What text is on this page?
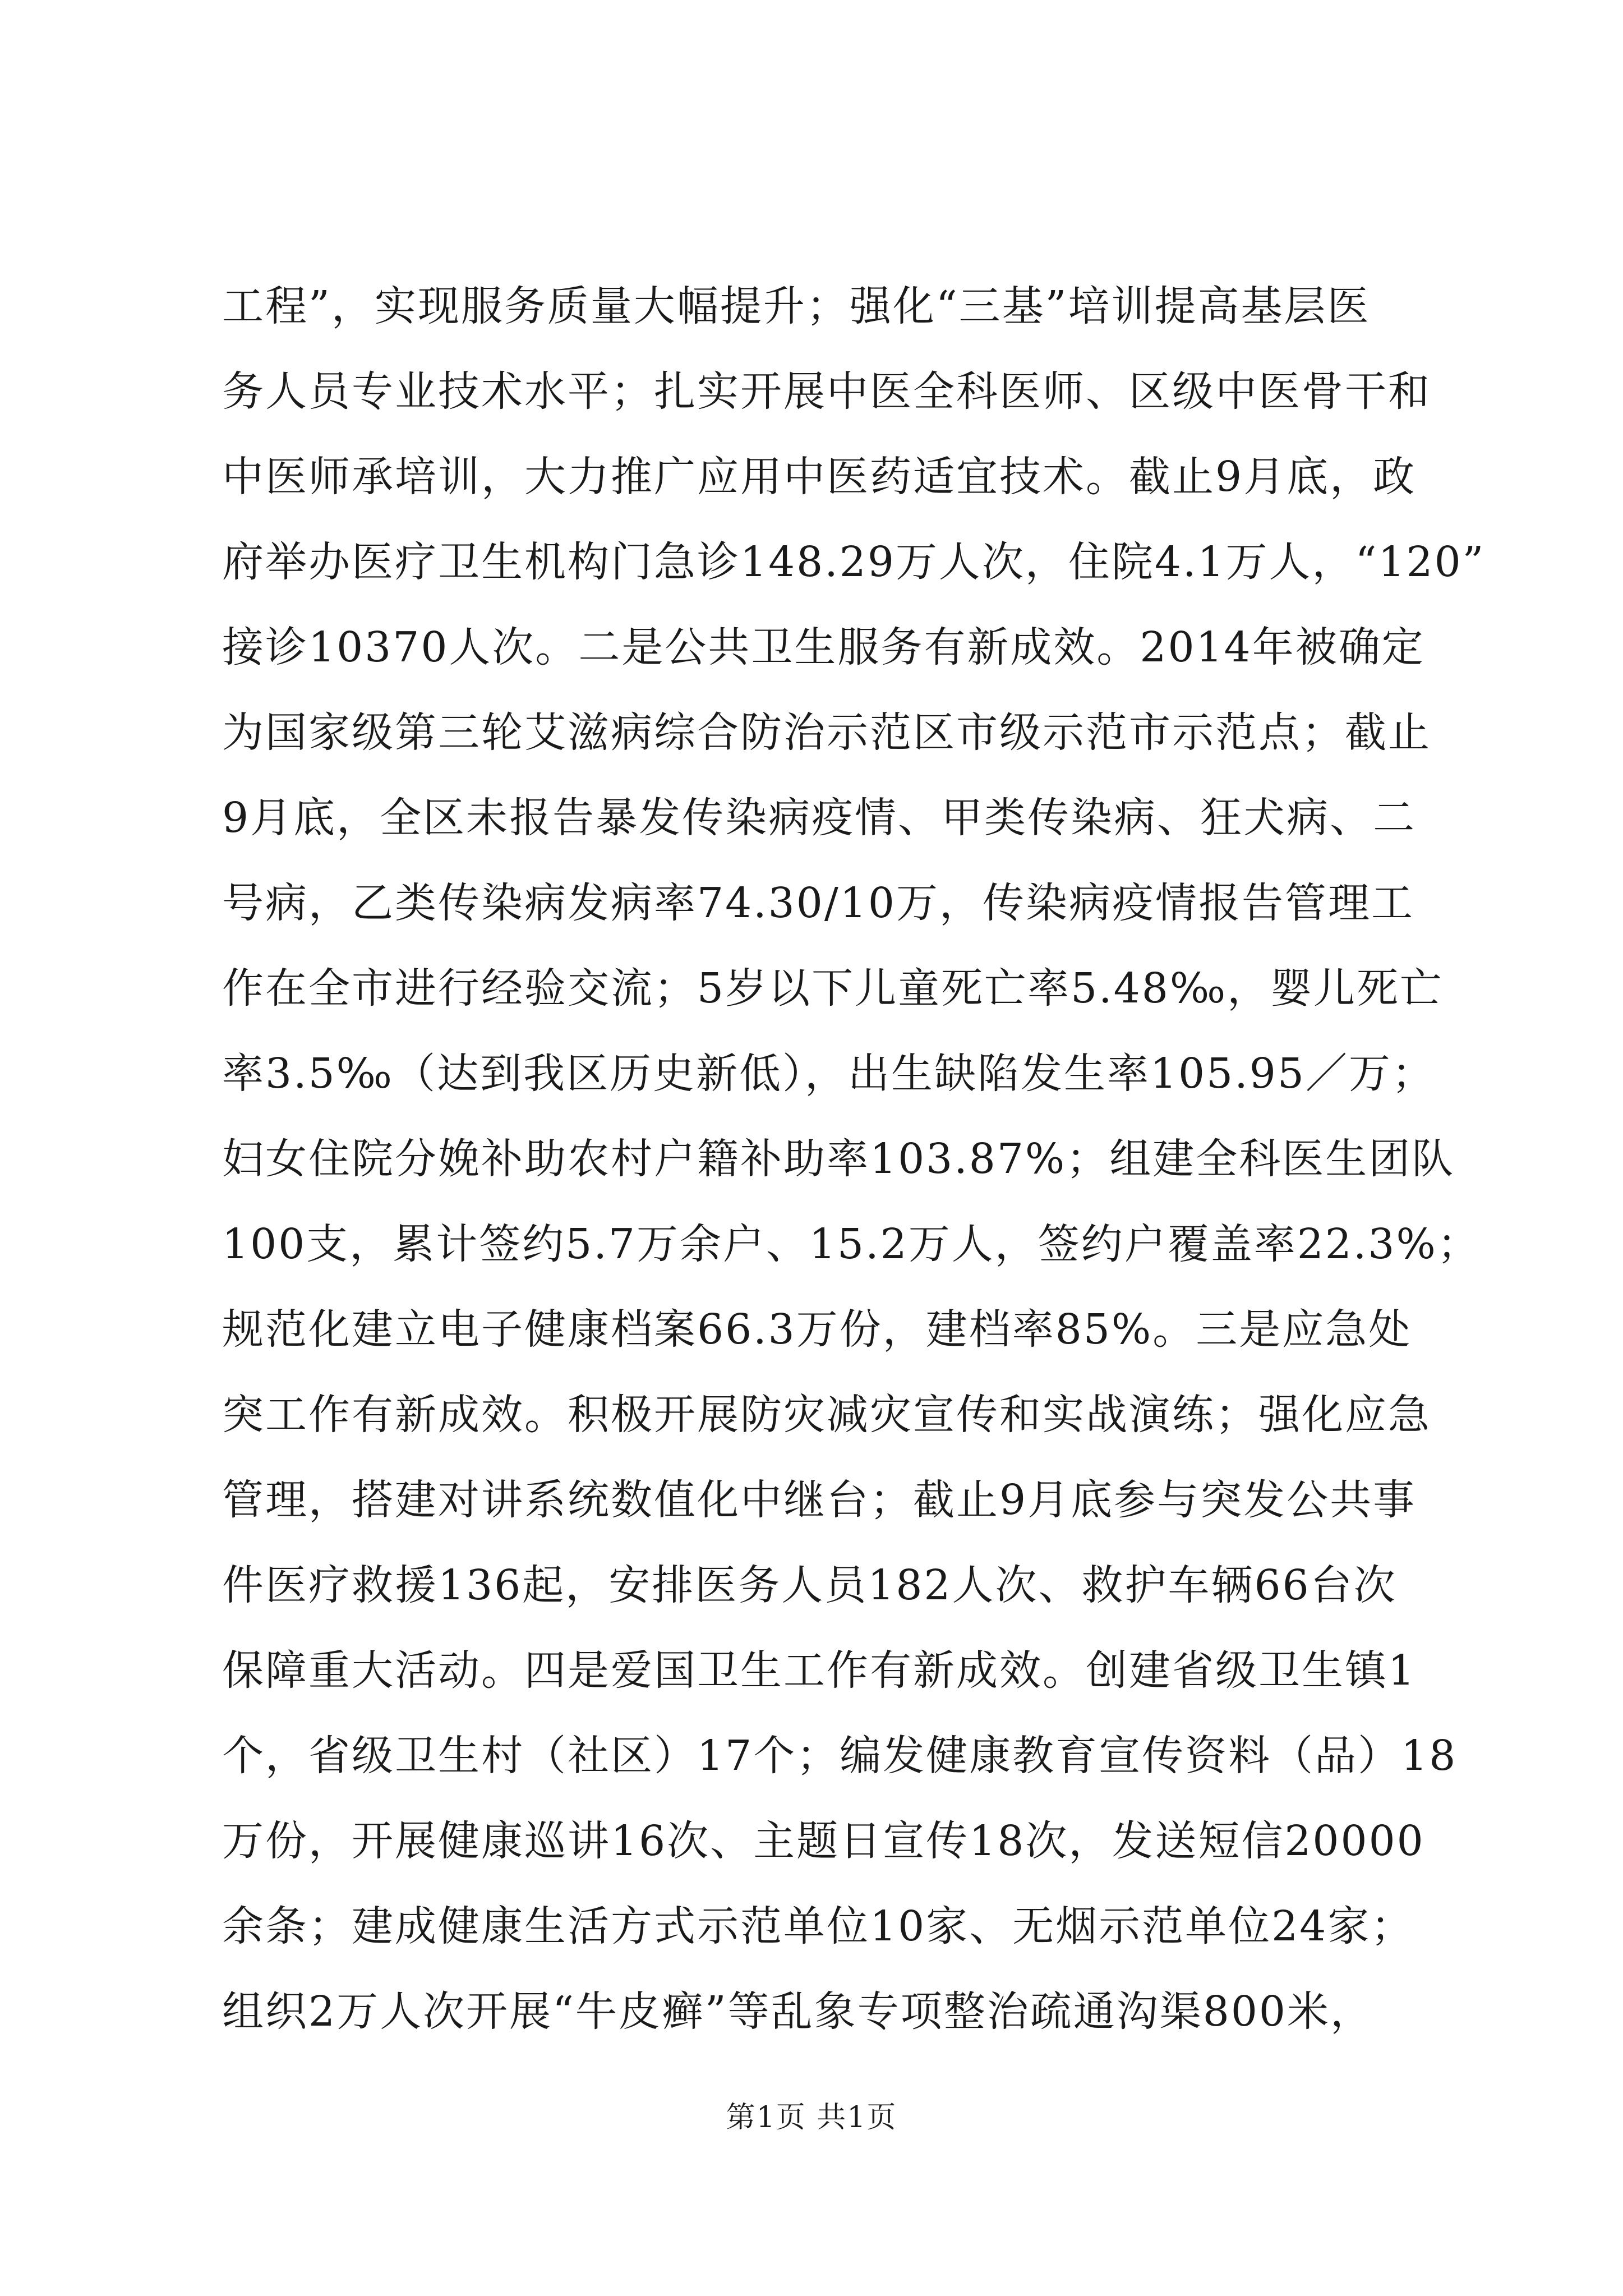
工程”，实现服务质量大幅提升；强化“三基”培训提高基层医
务人员专业技术水平；扎实开展中医全科医师、区级中医骨干和
中医师承培训，大力推广应用中医药适宜技术。截止9月底，政
府举办医疗卫生机构门急诊148.29万人次，住院4.1万人，“120”
接诊10370人次。二是公共卫生服务有新成效。2014年被确定
为国家级第三轮艾滋病综合防治示范区市级示范市示范点；截止
9月底，全区未报告暴发传染病疫情、甲类传染病、狂犬病、二
号病，乙类传染病发病率74.30/10万，传染病疫情报告管理工
作在全市进行经验交流；5岁以下儿童死亡率5.48‰，婴儿死亡
率3.5‰（达到我区历史新低），出生缺陷发生率105.95／万；
妇女住院分娩补助农村户籍补助率103.87%；组建全科医生团队
100支，累计签约5.7万余户、15.2万人，签约户覆盖率22.3%；
规范化建立电子健康档案66.3万份，建档率85%。三是应急处
突工作有新成效。积极开展防灾减灾宣传和实战演练；强化应急
管理，搭建对讲系统数值化中继台；截止9月底参与突发公共事
件医疗救援136起，安排医务人员182人次、救护车辆66台次
保障重大活动。四是爱国卫生工作有新成效。创建省级卫生镇1
个，省级卫生村（社区）17个；编发健康教育宣传资料（品）18
万份，开展健康巡讲16次、主题日宣传18次，发送短信20000
余条；建成健康生活方式示范单位10家、无烟示范单位24家；
组织2万人次开展“牛皮癣”等乱象专项整治疏通沟渠800米，
第1页 共1页
